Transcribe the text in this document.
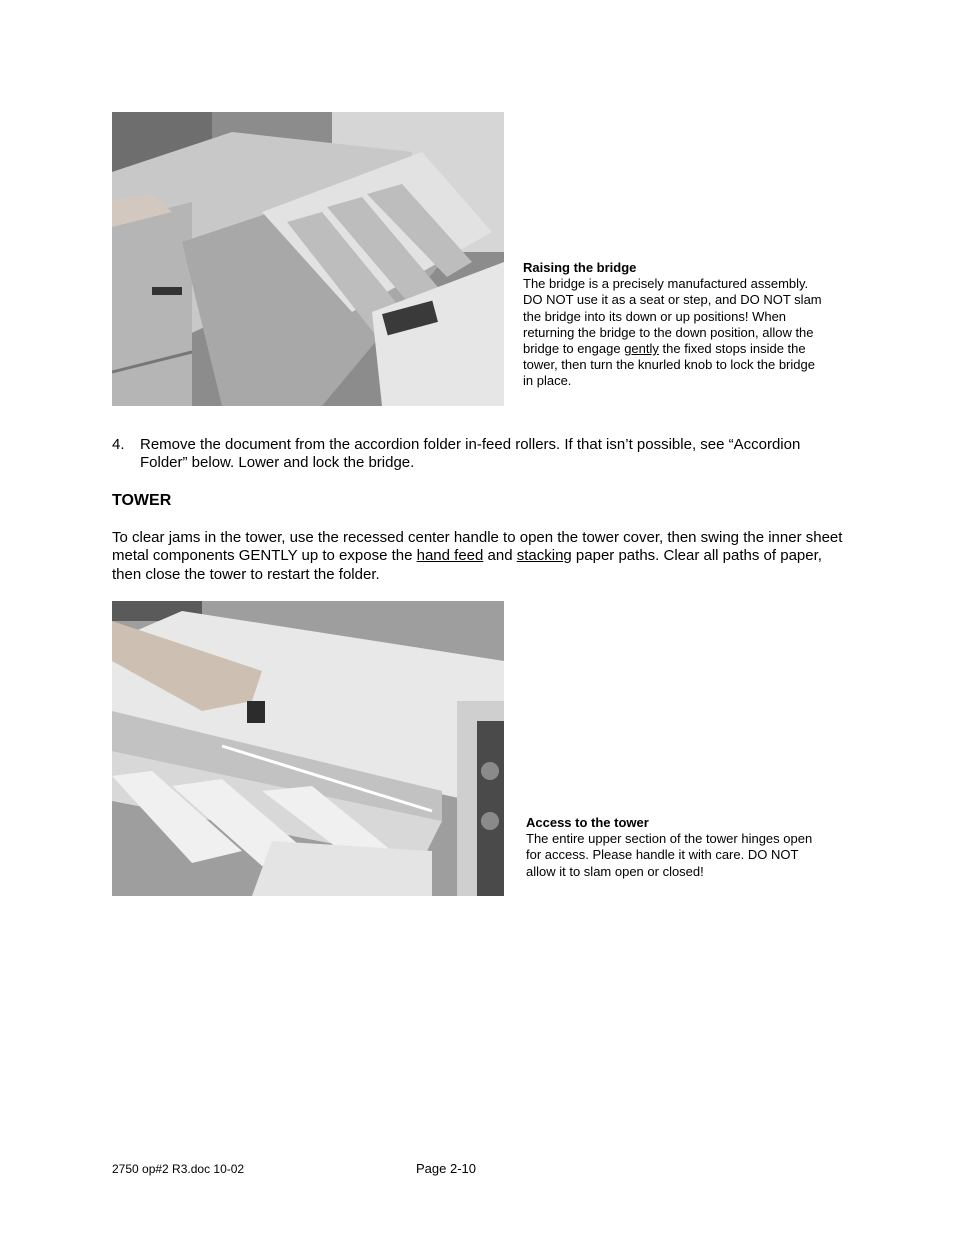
Raising the bridge
The bridge is a precisely manufactured assembly. DO NOT use it as a seat or step, and DO NOT slam the bridge into its down or up positions! When returning the bridge to the down position, allow the bridge to engage gently the fixed stops inside the tower, then turn the knurled knob to lock the bridge in place.
4. Remove the document from the accordion folder in-feed rollers. If that isn’t possible, see “Accordion Folder” below. Lower and lock the bridge.
TOWER
To clear jams in the tower, use the recessed center handle to open the tower cover, then swing the inner sheet metal components GENTLY up to expose the hand feed and stacking paper paths. Clear all paths of paper, then close the tower to restart the folder.
Access to the tower
The entire upper section of the tower hinges open for access. Please handle it with care. DO NOT allow it to slam open or closed!
2750 op#2 R3.doc 10-02	Page 2-10
